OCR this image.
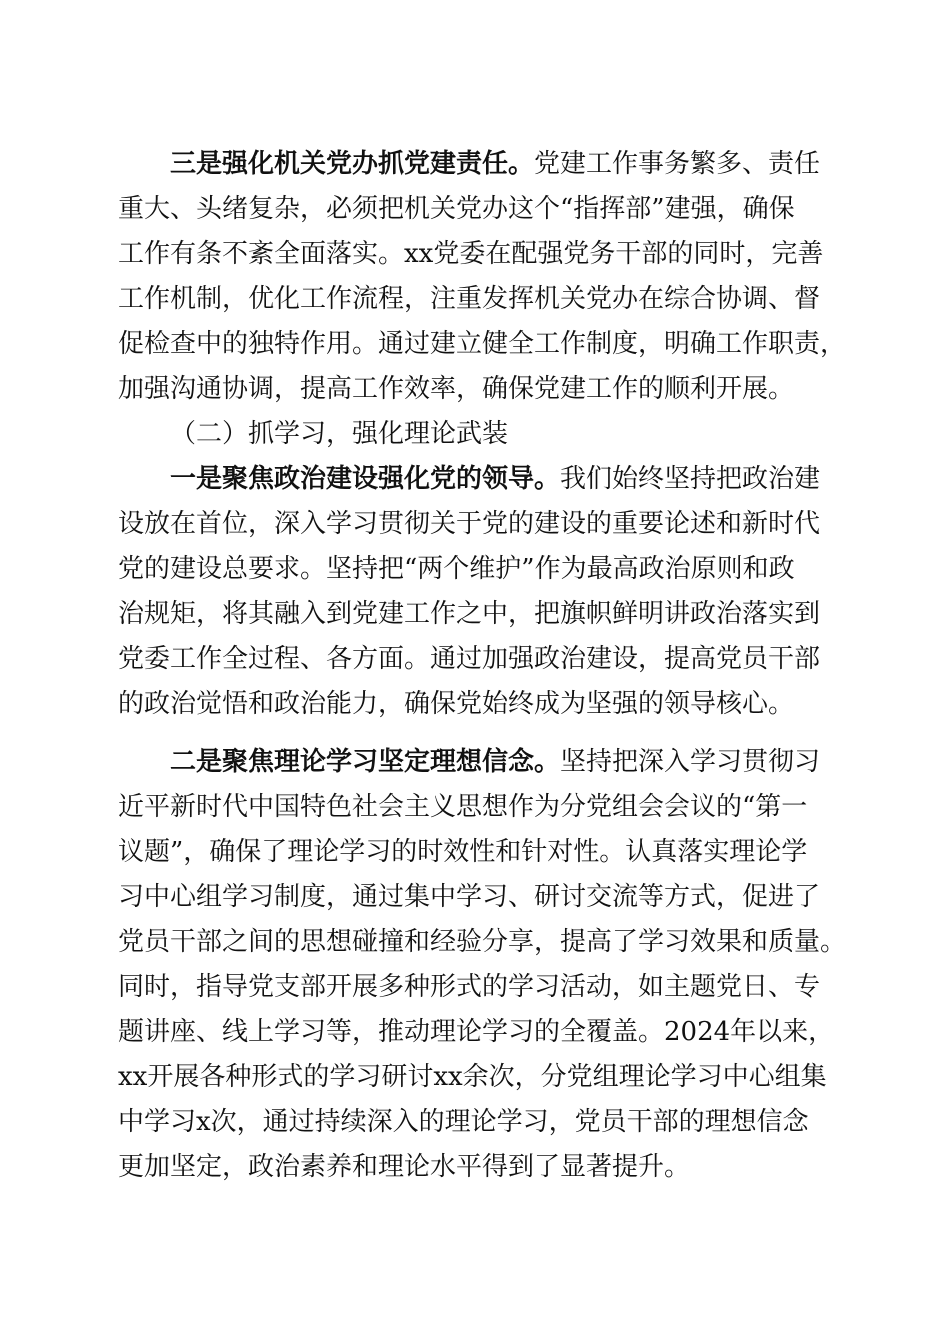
三是强化机关党办抓党建责任。党建工作事务繁多、责任
重大、头绪复杂，必须把机关党办这个“指挥部”建强，确保
工作有条不紊全面落实。xx党委在配强党务干部的同时，完善
工作机制，优化工作流程，注重发挥机关党办在综合协调、督
促检查中的独特作用。通过建立健全工作制度，明确工作职责，
加强沟通协调，提高工作效率，确保党建工作的顺利开展。
（二）抓学习，强化理论武装
一是聚焦政治建设强化党的领导。我们始终坚持把政治建
设放在首位，深入学习贯彻关于党的建设的重要论述和新时代
党的建设总要求。坚持把“两个维护”作为最高政治原则和政
治规矩，将其融入到党建工作之中，把旗帜鲜明讲政治落实到
党委工作全过程、各方面。通过加强政治建设，提高党员干部
的政治觉悟和政治能力，确保党始终成为坚强的领导核心。
二是聚焦理论学习坚定理想信念。坚持把深入学习贯彻习
近平新时代中国特色社会主义思想作为分党组会会议的“第一
议题”，确保了理论学习的时效性和针对性。认真落实理论学
习中心组学习制度，通过集中学习、研讨交流等方式，促进了
党员干部之间的思想碰撞和经验分享，提高了学习效果和质量。
同时，指导党支部开展多种形式的学习活动，如主题党日、专
题讲座、线上学习等，推动理论学习的全覆盖。2024年以来，
xx开展各种形式的学习研讨xx余次，分党组理论学习中心组集
中学习x次，通过持续深入的理论学习，党员干部的理想信念
更加坚定，政治素养和理论水平得到了显著提升。
